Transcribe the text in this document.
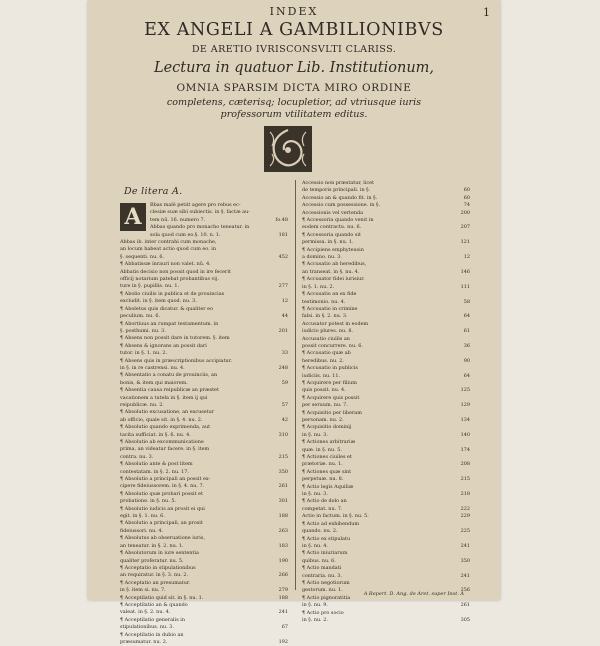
INDEX	1
EX ANGELI A GAMBILIONIBVS
DE ARETIO IVRISCONSVLTI CLARISS.
Lectura in quatuor Lib. Institutionum,
OMNIA SPARSIM DICTA MIRO ORDINE
completens, cæterisq; locupletior, ad vtriusque iuris
professorum vtilitatem editus.
De litera A.
A	Bbas malè petiit agere pro rebus ec-
clesiæ suæ sibi subiectis. in §. factæ au-
fo.48
tem nū. 16. numero 7.
Abbas quando pro monacho teneatur. in
181
sola quod cum eo.§. 10. n. 1.
Abbas ib. inter contrahi cum monache,
an locum habeat actio quod cum eo. in
452
§. sequenti. nu. 6.
¶ Abbatissæ inrauri non valet. nū. 4.
Abbatis decisio non possit quod in ire fecerit
officij notarium patebat probantibus vij.
277
ture in §. pupillis. nu. 1.
¶ Abolio ciuilis in publica et de prouincias
12
excludit. in §. item quod. nu. 3.
¶ Aboletus quis dicatur. & qualiter eo
44
peculium. nu. 6.
¶ Abortiuus an rumpat testamentum. in
201
§. posthumi. nu. 3.
¶ Absens non possit dare in tutorem. §. item
¶ Absens & ignorans an possit dari
33
tutor. in §. 1. nu. 2.
¶ Absens quis in præscriptionibus accipiatur.
248
in §. in re castrensi. nu. 4.
¶ Absentatio a conatu de prouinciis, an
59
bonis, & item qui maiorem.
¶ Absentia causa reipublicæ an præstet
vacationem a tutela in §. item ij qui
57
reipublicæ. nu. 2.
¶ Absolutio excusatione, an excusetur
42
ab officio, quale sit. in §. 4. nu. 2.
¶ Absolutio quando exprimenda, aut
310
tacita sufficiat. in §. 6. nu. 4.
¶ Absolutio ab excommunicatione
prima, an videatur facere. in §. item
215
contra. nu. 3.
¶ Absolutio ante & post litem
350
contestatam. in §. 2. nu. 17.
¶ Absolutio a principali an possit ex-
261
cipere fideiussorem. in §. 4. nu. 7.
¶ Absolutio quæ probari possit et
301
probatione. in §. nu. 5.
¶ Absolutio iudicis an prosit ei qui
188
egit. in §. 1. nu. 6.
¶ Absolutio a principali, an prosit
263
fideiussori. nu. 4.
¶ Absolutus ab obseruatione iuris,
183
an teneatur. in §. 2. nu. 1.
¶ Absolutorum in iure sententia
190
qualiter proferatur. nu. 5.
¶ Acceptatio in stipulationibus
266
an requiratur. in §. 3. nu. 2.
¶ Acceptatio an presumatur.
279
in §. item si. nu. 7.
188
¶ Acceptilatio quid sit. in §. nu. 1.
¶ Acceptilatio an & quando
241
valeat. in §. 2. nu. 4.
¶ Acceptilatio generalis in
67
stipulationibus. nu. 3.
¶ Acceptilatio in dubio an
192
præsumatur. nu. 2.
Accessio non præstatur, licet
60
de temporis principali. in §.
60
Accessio an & quando fit. in §.
74
Accessio cum possessione. in §.
200
Accessionis vel vertenda
¶ Accessoria quando venit in
207
eodem contractu. nu. 6.
¶ Accessoria quando sit
121
permissa. in §. nu. 1.
¶ Accipiens emphyteusin
12
a domino. nu. 3.
¶ Accusatio ab heredibus,
146
an transeat. in §. nu. 4.
¶ Accusator fidei iurisiur.
111
in §. 1. nu. 2.
¶ Accusatio an ex fide
58
testimonio. nu. 4.
¶ Accusatio in crimine
64
falsi. in §. 2. nu. 3.
Accusator potest in eodem
61
iudicio plures. nu. 8.
Accusatio ciuilis an
36
possit concurrere. nu. 6.
¶ Accusatio quæ ab
90
heredibus. nu. 2.
¶ Accusatio in publicis
64
iudiciis. nu. 11.
¶ Acquirere per filium
125
quis possit. nu. 4.
¶ Acquirere quis possit
129
per seruum. nu. 7.
¶ Acquisitio per liberam
134
personam. nu. 2.
¶ Acquisitio dominij
140
in §. nu. 3.
¶ Actiones arbitrariæ
174
quæ. in §. nu. 5.
¶ Actiones ciuiles et
208
prætoriæ. nu. 1.
¶ Actiones quæ sint
215
perpetuæ. nu. 8.
¶ Actio legis Aquiliæ
218
in §. nu. 3.
¶ Actio de dolo an
222
competat. nu. 7.
229
Actio in factum. in §. nu. 5.
¶ Actio ad exhibendum
225
quando. nu. 2.
¶ Actio ex stipulatu
241
in §. nu. 4.
¶ Actio iniuriarum
350
quibus. nu. 6.
¶ Actio mandati
241
contraria. nu. 3.
¶ Actio negotiorum
256
gestorum. nu. 1.
¶ Actio pignoratitia
261
in §. nu. 9.
¶ Actio pro socio
305
in §. nu. 2.
A Repert. D. Ang. de Aret. super Inst. A
